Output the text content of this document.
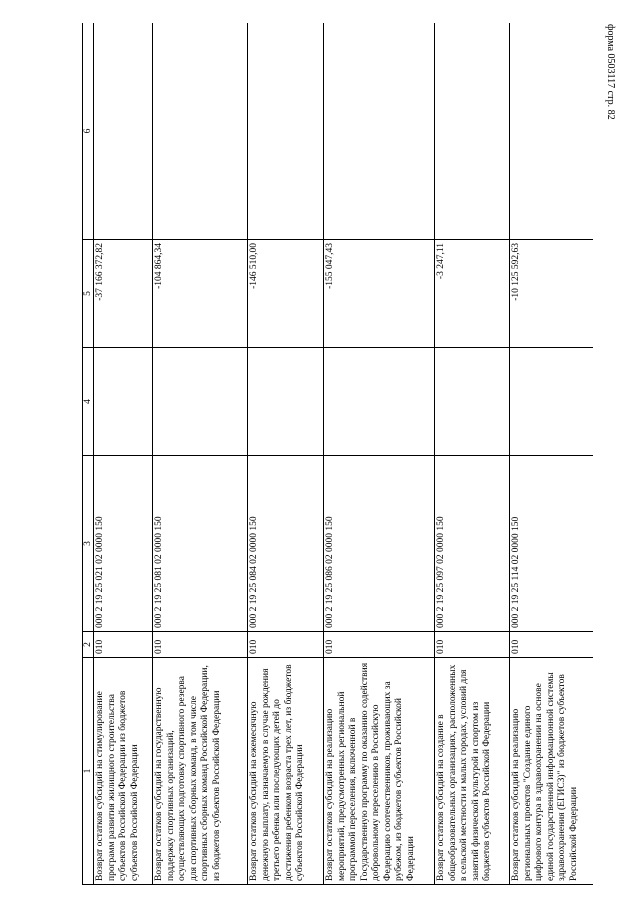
форма 0503117 стр. 82
1	2	3	4	5	6
Возврат остатков субсидий на стимулирование программ развития жилищного строительства субъектов Российской Федерации из бюджетов субъектов Российской Федерации	010	000 2 19 25 021 02 0000 150		-37 166 372,82	
Возврат остатков субсидий на государственную поддержку спортивных организаций, осуществляющих подготовку спортивного резерва для спортивных сборных команд, в том числе спортивных сборных команд Российской Федерации, из бюджетов субъектов Российской Федерации	010	000 2 19 25 081 02 0000 150		-104 864,34	
Возврат остатков субсидий на ежемесячную денежную выплату, назначаемую в случае рождения третьего ребенка или последующих детей до достижения ребенком возраста трех лет, из бюджетов субъектов Российской Федерации	010	000 2 19 25 084 02 0000 150		-146 510,00	
Возврат остатков субсидий на реализацию мероприятий, предусмотренных региональной программой переселения, включенной в Государственную программу по оказанию содействия добровольному переселению в Российскую Федерацию соотечественников, проживающих за рубежом, из бюджетов субъектов Российской Федерации	010	000 2 19 25 086 02 0000 150		-155 047,43	
Возврат остатков субсидий на создание в общеобразовательных организациях, расположенных в сельской местности и малых городах, условий для занятий физической культурой и спортом из бюджетов субъектов Российской Федерации	010	000 2 19 25 097 02 0000 150		-3 247,11	
Возврат остатков субсидий на реализацию региональных проектов "Создание единого цифрового контура в здравоохранении на основе единой государственной информационной системы здравоохранения (ЕГИСЗ)" из бюджетов субъектов Российской Федерации	010	000 2 19 25 114 02 0000 150		-10 125 592,63	
